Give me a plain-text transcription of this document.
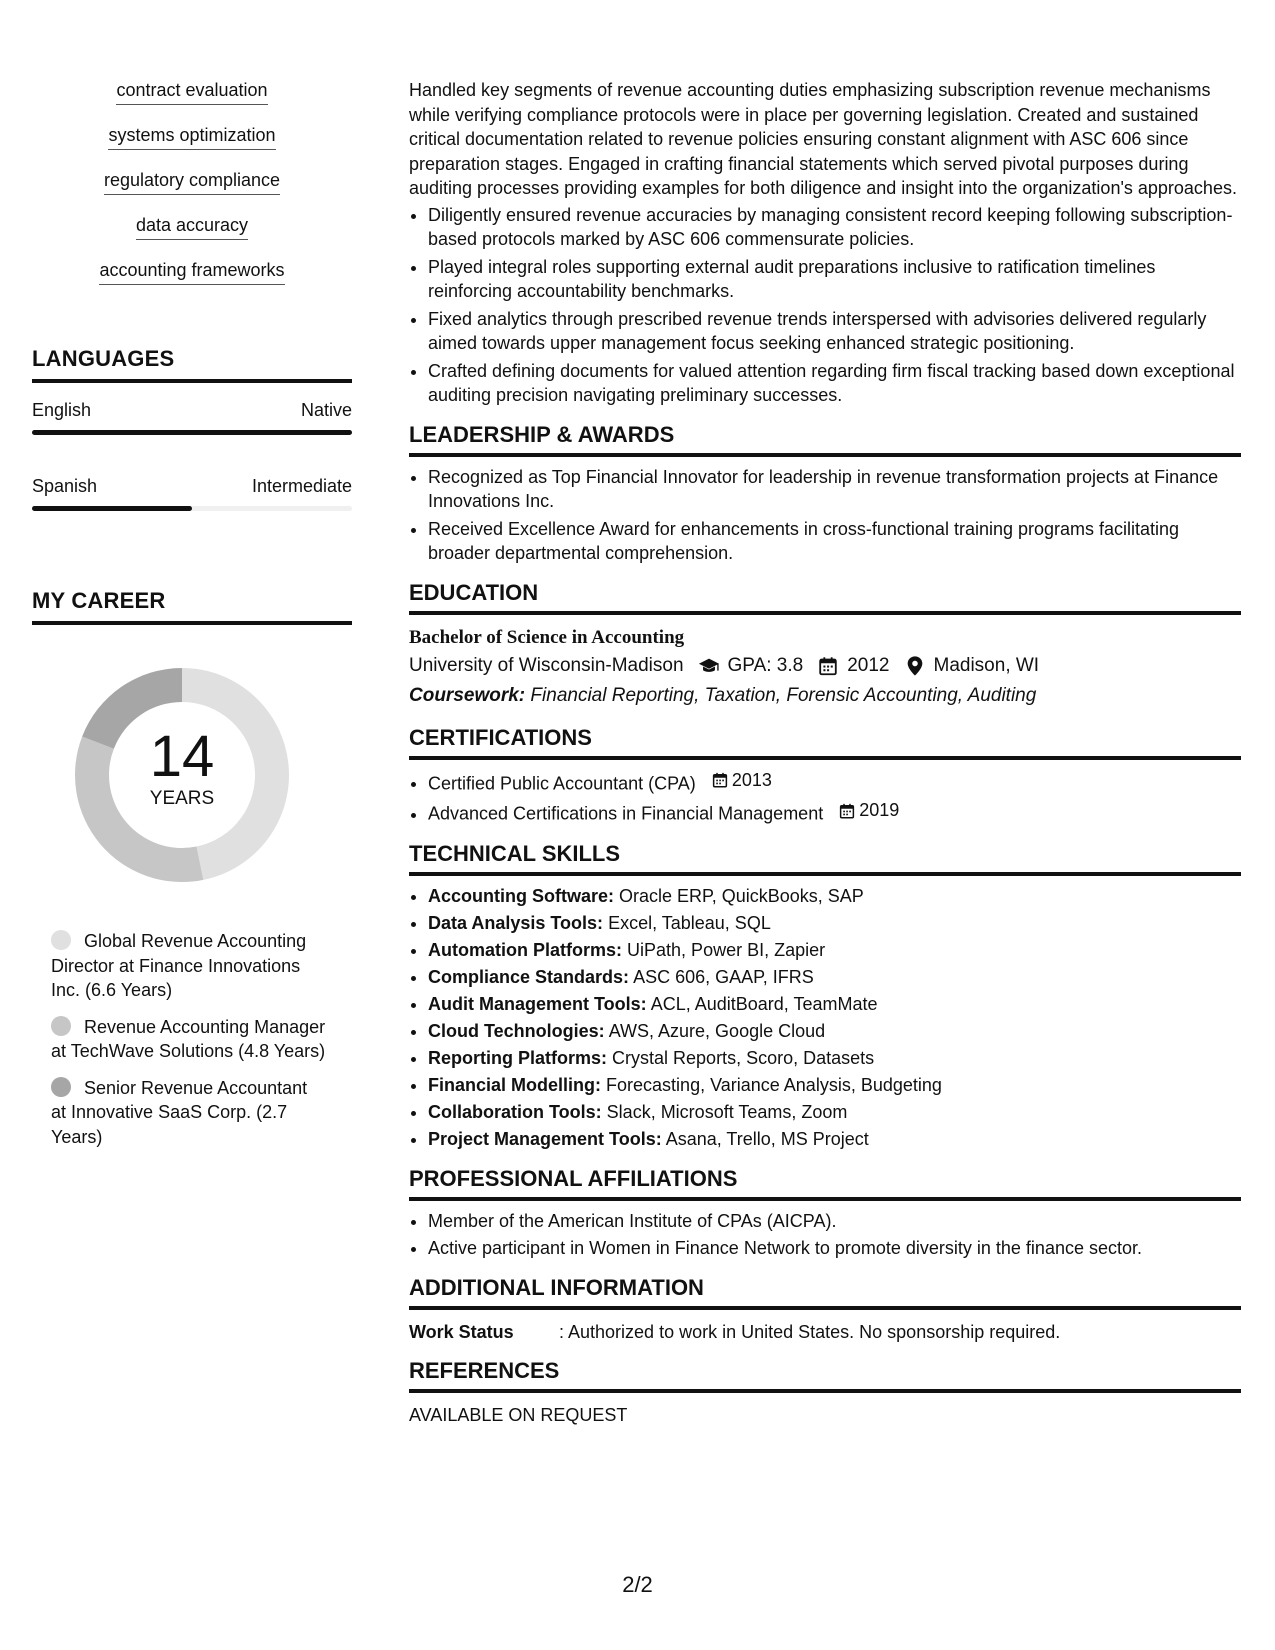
contract evaluation
systems optimization
regulatory compliance
data accuracy
accounting frameworks
LANGUAGES
English	Native
Spanish	Intermediate
MY CAREER
14
YEARS
Global Revenue Accounting Director at Finance Innovations Inc. (6.6 Years)
Revenue Accounting Manager at TechWave Solutions (4.8 Years)
Senior Revenue Accountant at Innovative SaaS Corp. (2.7 Years)

Handled key segments of revenue accounting duties emphasizing subscription revenue mechanisms while verifying compliance protocols were in place per governing legislation. Created and sustained critical documentation related to revenue policies ensuring constant alignment with ASC 606 since preparation stages. Engaged in crafting financial statements which served pivotal purposes during auditing processes providing examples for both diligence and insight into the organization's approaches.

• Diligently ensured revenue accuracies by managing consistent record keeping following subscription-based protocols marked by ASC 606 commensurate policies.
• Played integral roles supporting external audit preparations inclusive to ratification timelines reinforcing accountability benchmarks.
• Fixed analytics through prescribed revenue trends interspersed with advisories delivered regularly aimed towards upper management focus seeking enhanced strategic positioning.
• Crafted defining documents for valued attention regarding firm fiscal tracking based down exceptional auditing precision navigating preliminary successes.
LEADERSHIP & AWARDS
• Recognized as Top Financial Innovator for leadership in revenue transformation projects at Finance Innovations Inc.
• Received Excellence Award for enhancements in cross-functional training programs facilitating broader departmental comprehension.
EDUCATION
Bachelor of Science in Accounting
University of Wisconsin-Madison GPA: 3.8 2012 Madison, WI
Coursework: Financial Reporting, Taxation, Forensic Accounting, Auditing
CERTIFICATIONS
• Certified Public Accountant (CPA) 2013
• Advanced Certifications in Financial Management 2019
TECHNICAL SKILLS
• Accounting Software: Oracle ERP, QuickBooks, SAP
• Data Analysis Tools: Excel, Tableau, SQL
• Automation Platforms: UiPath, Power BI, Zapier
• Compliance Standards: ASC 606, GAAP, IFRS
• Audit Management Tools: ACL, AuditBoard, TeamMate
• Cloud Technologies: AWS, Azure, Google Cloud
• Reporting Platforms: Crystal Reports, Scoro, Datasets
• Financial Modelling: Forecasting, Variance Analysis, Budgeting
• Collaboration Tools: Slack, Microsoft Teams, Zoom
• Project Management Tools: Asana, Trello, MS Project
PROFESSIONAL AFFILIATIONS
• Member of the American Institute of CPAs (AICPA).
• Active participant in Women in Finance Network to promote diversity in the finance sector.
ADDITIONAL INFORMATION
Work Status	: Authorized to work in United States. No sponsorship required.
REFERENCES
AVAILABLE ON REQUEST
2/2
